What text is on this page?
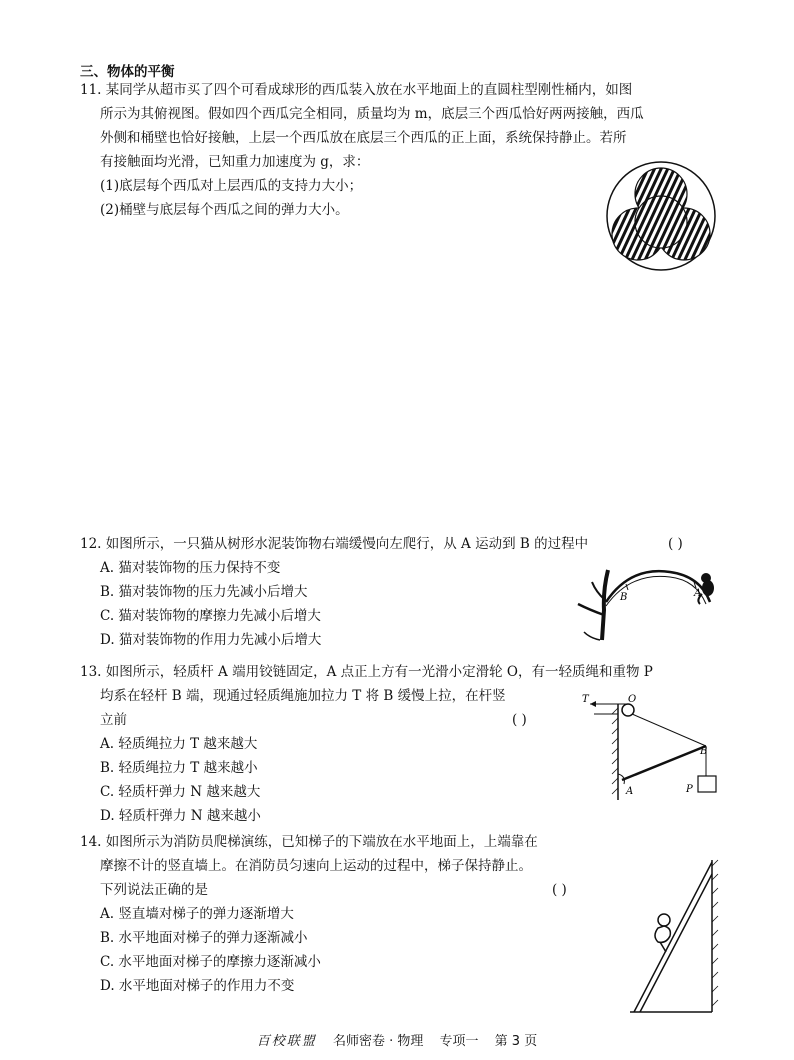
三、物体的平衡
11. 某同学从超市买了四个可看成球形的西瓜装入放在水平地面上的直圆柱型刚性桶内，如图
所示为其俯视图。假如四个西瓜完全相同，质量均为 m，底层三个西瓜恰好两两接触，西瓜
外侧和桶壁也恰好接触，上层一个西瓜放在底层三个西瓜的正上面，系统保持静止。若所
有接触面均光滑，已知重力加速度为 g，求：
(1)底层每个西瓜对上层西瓜的支持力大小；
(2)桶壁与底层每个西瓜之间的弹力大小。
12. 如图所示，一只猫从树形水泥装饰物右端缓慢向左爬行，从 A 运动到 B 的过程中
A. 猫对装饰物的压力保持不变
B. 猫对装饰物的压力先减小后增大
C. 猫对装饰物的摩擦力先减小后增大
D. 猫对装饰物的作用力先减小后增大
( )
B	A
13. 如图所示，轻质杆 A 端用铰链固定，A 点正上方有一光滑小定滑轮 O，有一轻质绳和重物 P
均系在轻杆 B 端，现通过轻质绳施加拉力 T 将 B 缓慢上拉，在杆竖
立前
A. 轻质绳拉力 T 越来越大
B. 轻质绳拉力 T 越来越小
C. 轻质杆弹力 N 越来越大
D. 轻质杆弹力 N 越来越小
( )
T	O
B
A	P
14. 如图所示为消防员爬梯演练，已知梯子的下端放在水平地面上，上端靠在
摩擦不计的竖直墙上。在消防员匀速向上运动的过程中，梯子保持静止。
下列说法正确的是
A. 竖直墙对梯子的弹力逐渐增大
B. 水平地面对梯子的弹力逐渐减小
C. 水平地面对梯子的摩擦力逐渐减小
D. 水平地面对梯子的作用力不变
( )
百校联盟 名师密卷 · 物理 专项一 第 3 页
